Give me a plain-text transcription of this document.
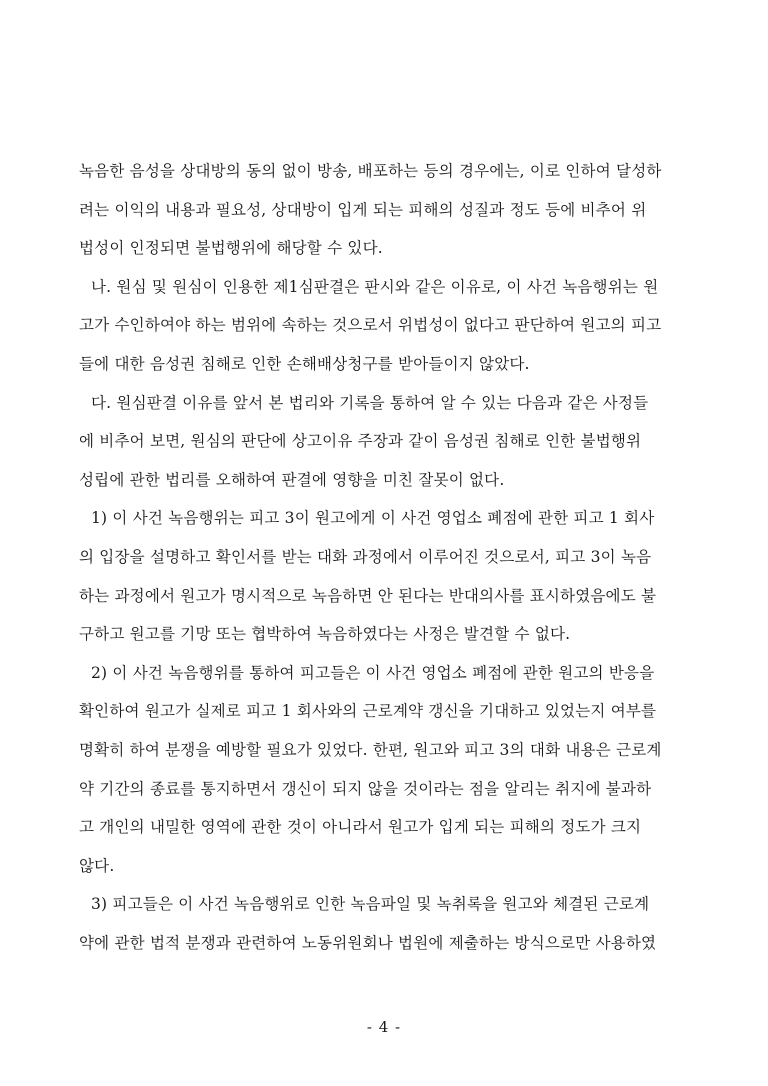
녹음한 음성을 상대방의 동의 없이 방송, 배포하는 등의 경우에는, 이로 인하여 달성하
려는 이익의 내용과 필요성, 상대방이 입게 되는 피해의 성질과 정도 등에 비추어 위
법성이 인정되면 불법행위에 해당할 수 있다.
나. 원심 및 원심이 인용한 제1심판결은 판시와 같은 이유로, 이 사건 녹음행위는 원
고가 수인하여야 하는 범위에 속하는 것으로서 위법성이 없다고 판단하여 원고의 피고
들에 대한 음성권 침해로 인한 손해배상청구를 받아들이지 않았다.
다. 원심판결 이유를 앞서 본 법리와 기록을 통하여 알 수 있는 다음과 같은 사정들
에 비추어 보면, 원심의 판단에 상고이유 주장과 같이 음성권 침해로 인한 불법행위
성립에 관한 법리를 오해하여 판결에 영향을 미친 잘못이 없다.
1) 이 사건 녹음행위는 피고 3이 원고에게 이 사건 영업소 폐점에 관한 피고 1 회사
의 입장을 설명하고 확인서를 받는 대화 과정에서 이루어진 것으로서, 피고 3이 녹음
하는 과정에서 원고가 명시적으로 녹음하면 안 된다는 반대의사를 표시하였음에도 불
구하고 원고를 기망 또는 협박하여 녹음하였다는 사정은 발견할 수 없다.
2) 이 사건 녹음행위를 통하여 피고들은 이 사건 영업소 폐점에 관한 원고의 반응을
확인하여 원고가 실제로 피고 1 회사와의 근로계약 갱신을 기대하고 있었는지 여부를
명확히 하여 분쟁을 예방할 필요가 있었다. 한편, 원고와 피고 3의 대화 내용은 근로계
약 기간의 종료를 통지하면서 갱신이 되지 않을 것이라는 점을 알리는 취지에 불과하
고 개인의 내밀한 영역에 관한 것이 아니라서 원고가 입게 되는 피해의 정도가 크지
않다.
3) 피고들은 이 사건 녹음행위로 인한 녹음파일 및 녹취록을 원고와 체결된 근로계
약에 관한 법적 분쟁과 관련하여 노동위원회나 법원에 제출하는 방식으로만 사용하였
- 4 -
